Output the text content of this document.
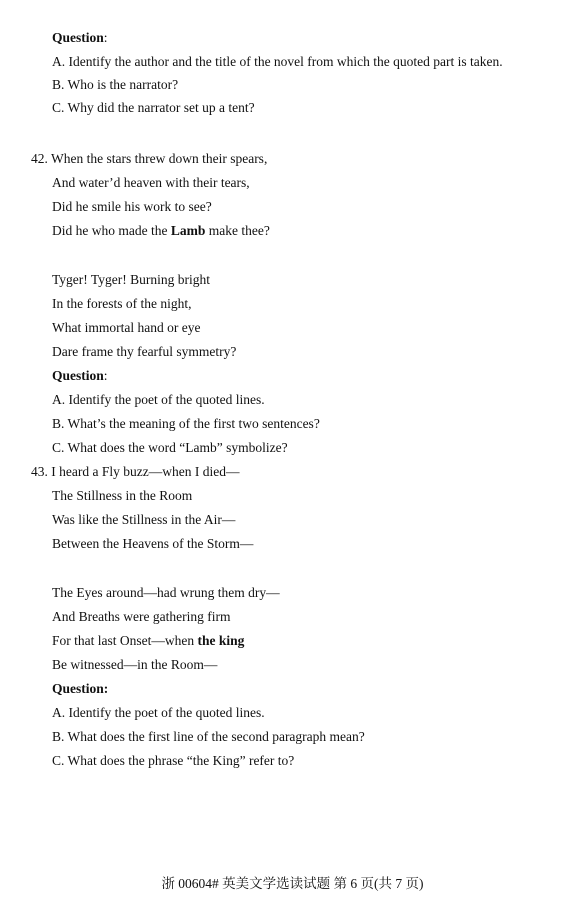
Question:
A. Identify the author and the title of the novel from which the quoted part is taken.
B. Who is the narrator?
C. Why did the narrator set up a tent?
42. When the stars threw down their spears,
And water’d heaven with their tears,
Did he smile his work to see?
Did he who made the Lamb make thee?
Tyger! Tyger! Burning bright
In the forests of the night,
What immortal hand or eye
Dare frame thy fearful symmetry?
Question:
A. Identify the poet of the quoted lines.
B. What’s the meaning of the first two sentences?
C. What does the word “Lamb” symbolize?
43. I heard a Fly buzz—when I died—
The Stillness in the Room
Was like the Stillness in the Air—
Between the Heavens of the Storm—
The Eyes around—had wrung them dry—
And Breaths were gathering firm
For that last Onset—when the king
Be witnessed—in the Room—
Question:
A. Identify the poet of the quoted lines.
B. What does the first line of the second paragraph mean?
C. What does the phrase “the King” refer to?
浙 00604# 英美文学选读试题 第 6 页(共 7 页)
